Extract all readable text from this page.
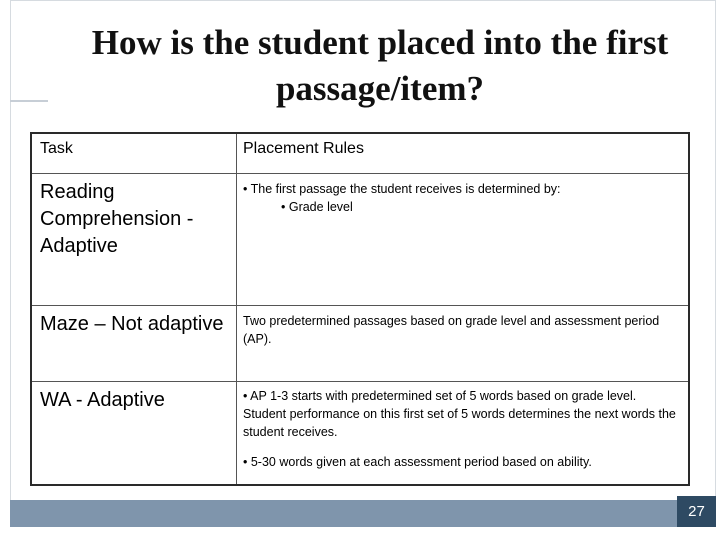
How is the student placed into the first passage/item?
Task	Placement Rules

Reading Comprehension - Adaptive	• The first passage the student receives is determined by:
• Grade level

Maze – Not adaptive	Two predetermined passages based on grade level and assessment period (AP).

WA - Adaptive	• AP 1-3 starts with predetermined set of 5 words based on grade level. Student performance on this first set of 5 words determines the next words the student receives.
• 5-30 words given at each assessment period based on ability.
27
